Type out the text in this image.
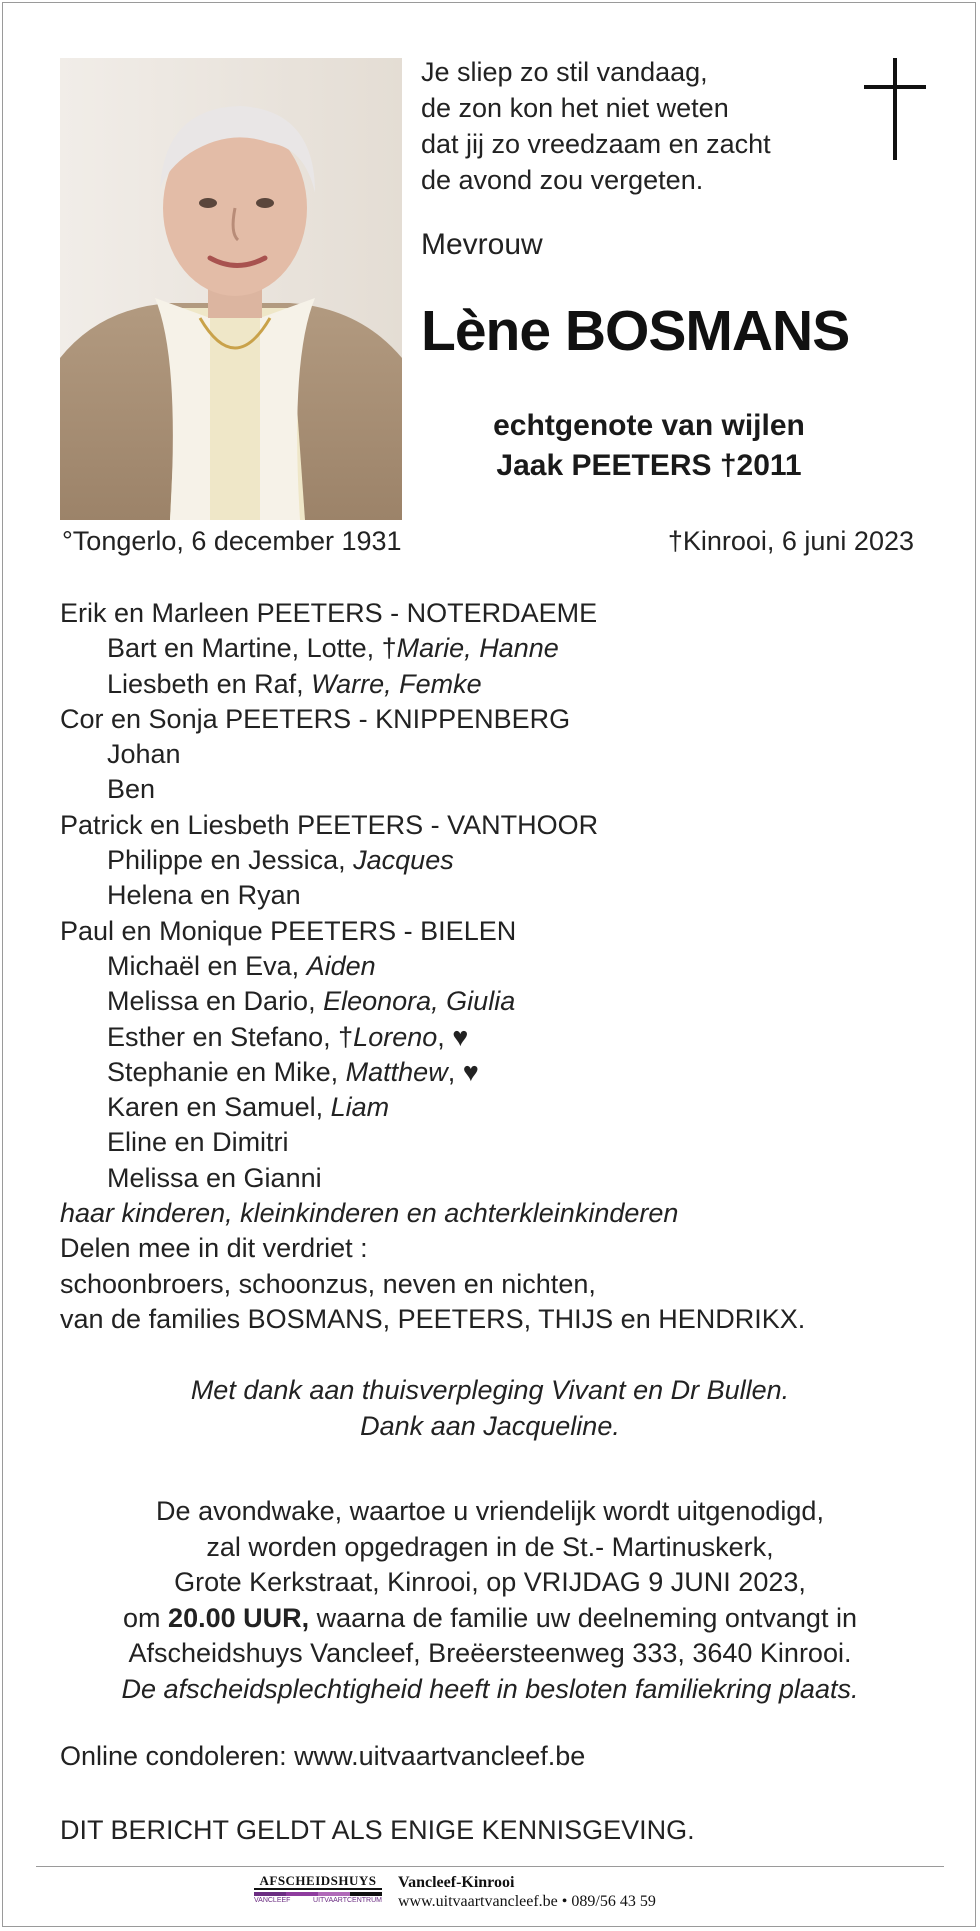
Je sliep zo stil vandaag,
de zon kon het niet weten
dat jij zo vreedzaam en zacht
de avond zou vergeten.
Mevrouw
Lène BOSMANS
echtgenote van wijlen
Jaak PEETERS †2011
°Tongerlo, 6 december 1931	†Kinrooi, 6 juni 2023
Erik en Marleen PEETERS - NOTERDAEME
Bart en Martine, Lotte, †Marie, Hanne
Liesbeth en Raf, Warre, Femke
Cor en Sonja PEETERS - KNIPPENBERG
Johan
Ben
Patrick en Liesbeth PEETERS - VANTHOOR
Philippe en Jessica, Jacques
Helena en Ryan
Paul en Monique PEETERS - BIELEN
Michaël en Eva, Aiden
Melissa en Dario, Eleonora, Giulia
Esther en Stefano, †Loreno, ♥
Stephanie en Mike, Matthew, ♥
Karen en Samuel, Liam
Eline en Dimitri
Melissa en Gianni
haar kinderen, kleinkinderen en achterkleinkinderen
Delen mee in dit verdriet :
schoonbroers, schoonzus, neven en nichten,
van de families BOSMANS, PEETERS, THIJS en HENDRIKX.
Met dank aan thuisverpleging Vivant en Dr Bullen.
Dank aan Jacqueline.
De avondwake, waartoe u vriendelijk wordt uitgenodigd,
zal worden opgedragen in de St.- Martinuskerk,
Grote Kerkstraat, Kinrooi, op VRIJDAG 9 JUNI 2023,
om 20.00 UUR, waarna de familie uw deelneming ontvangt in
Afscheidshuys Vancleef, Breëersteenweg 333, 3640 Kinrooi.
De afscheidsplechtigheid heeft in besloten familiekring plaats.
Online condoleren: www.uitvaartvancleef.be
DIT BERICHT GELDT ALS ENIGE KENNISGEVING.
AFSCHEIDSHUYS
VANCLEEF	UITVAARTCENTRUM
Vancleef-Kinrooi
www.uitvaartvancleef.be • 089/56 43 59
